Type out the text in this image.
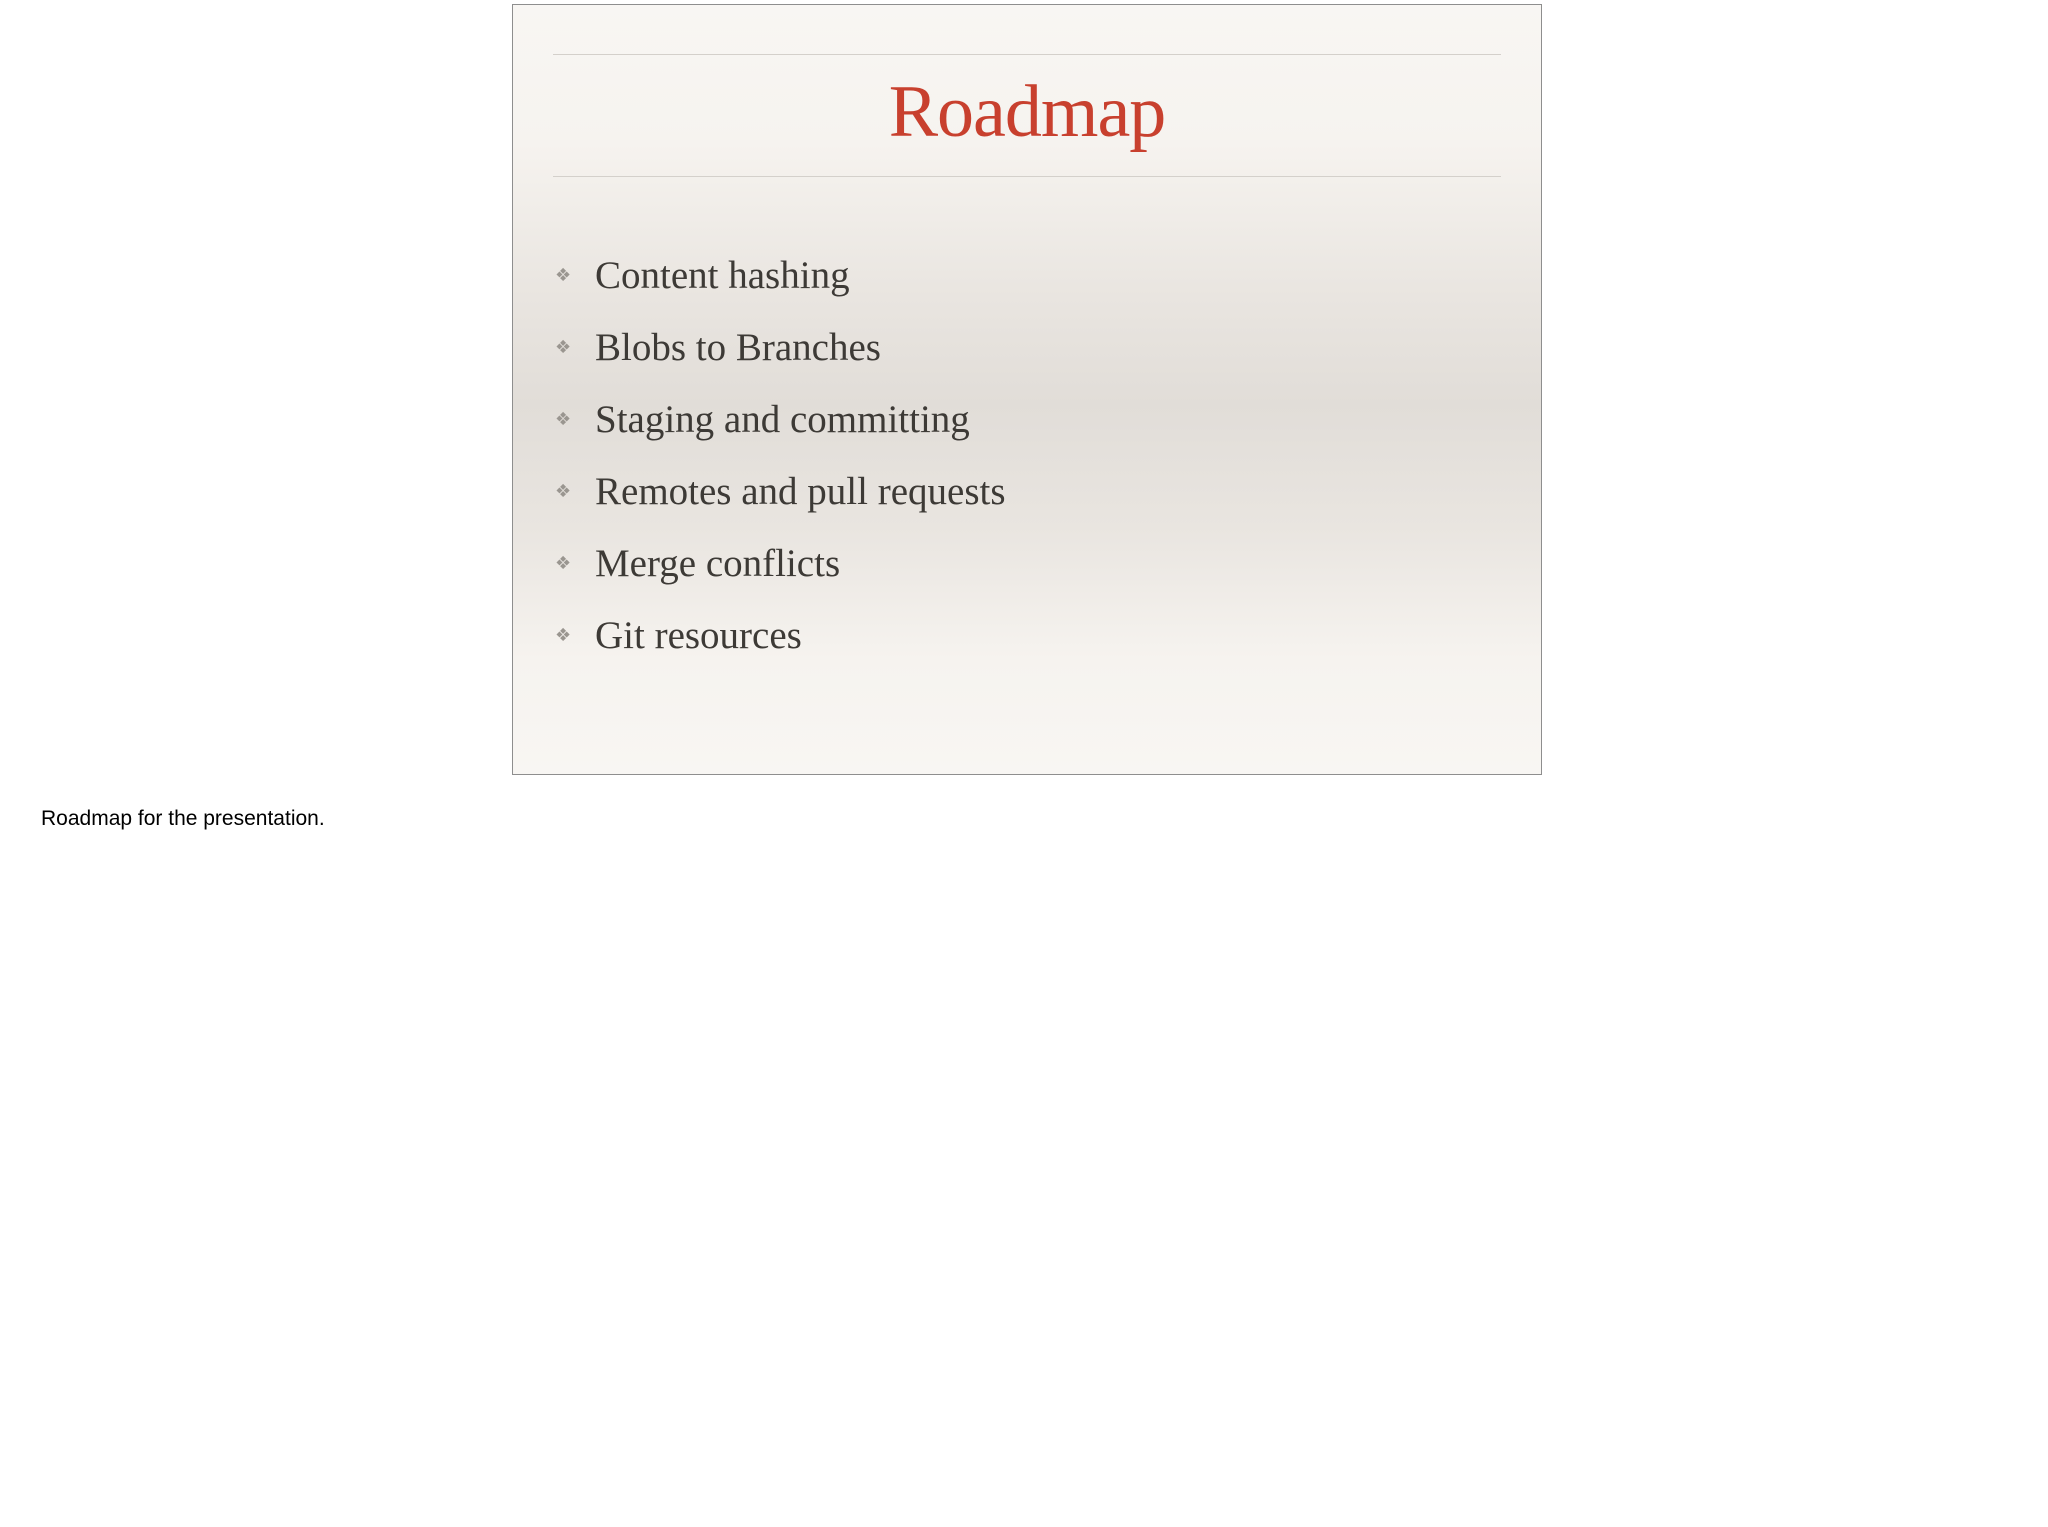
Roadmap
❖ Content hashing
❖ Blobs to Branches
❖ Staging and committing
❖ Remotes and pull requests
❖ Merge conflicts
❖ Git resources
Roadmap for the presentation.
